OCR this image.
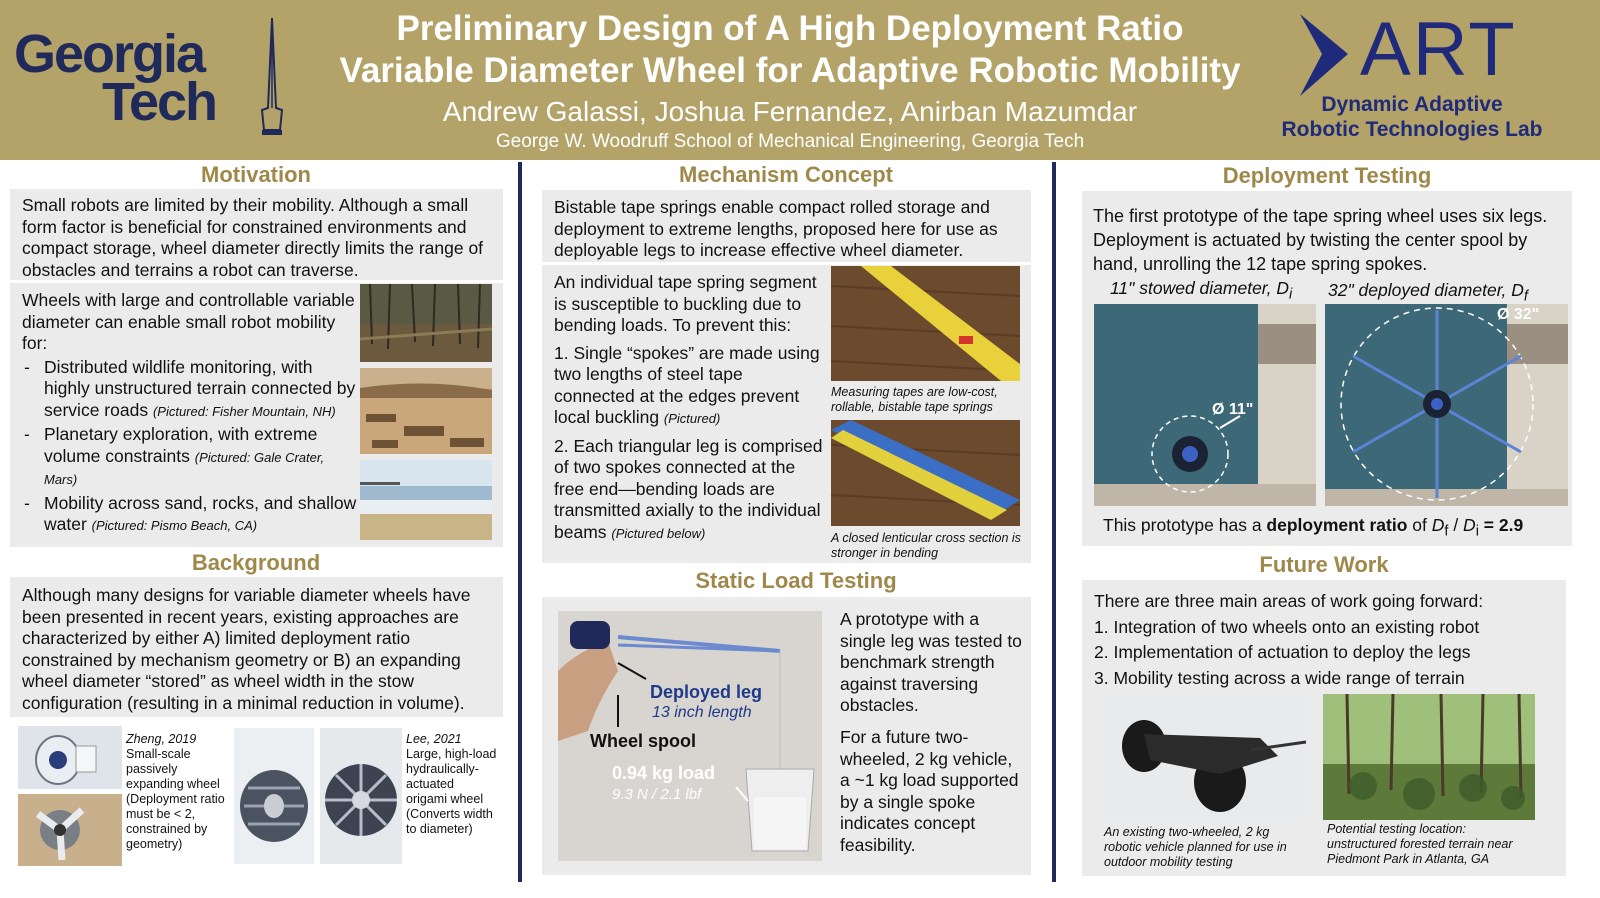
Georgia
Tech
Preliminary Design of A High Deployment Ratio
Variable Diameter Wheel for Adaptive Robotic Mobility
Andrew Galassi, Joshua Fernandez, Anirban Mazumdar
George W. Woodruff School of Mechanical Engineering, Georgia Tech
ART
Dynamic Adaptive
Robotic Technologies Lab
Motivation
Small robots are limited by their mobility. Although a small form factor is beneficial for constrained environments and compact storage, wheel diameter directly limits the range of obstacles and terrains a robot can traverse.
Wheels with large and controllable variable diameter can enable small robot mobility for:
- Distributed wildlife monitoring, with highly unstructured terrain connected by service roads (Pictured: Fisher Mountain, NH)
- Planetary exploration, with extreme volume constraints (Pictured: Gale Crater, Mars)
- Mobility across sand, rocks, and shallow water (Pictured: Pismo Beach, CA)
Background
Although many designs for variable diameter wheels have been presented in recent years, existing approaches are characterized by either A) limited deployment ratio constrained by mechanism geometry or B) an expanding wheel diameter “stored” as wheel width in the stow configuration (resulting in a minimal reduction in volume).
Zheng, 2019
Small-scale passively expanding wheel (Deployment ratio must be < 2, constrained by geometry)
Lee, 2021
Large, high-load hydraulically-actuated origami wheel (Converts width to diameter)
Mechanism Concept
Bistable tape springs enable compact rolled storage and deployment to extreme lengths, proposed here for use as deployable legs to increase effective wheel diameter.
An individual tape spring segment is susceptible to buckling due to bending loads. To prevent this:
1. Single “spokes” are made using two lengths of steel tape connected at the edges prevent local buckling (Pictured)
2. Each triangular leg is comprised of two spokes connected at the free end—bending loads are transmitted axially to the individual beams (Pictured below)
Measuring tapes are low-cost, rollable, bistable tape springs
A closed lenticular cross section is stronger in bending
Static Load Testing
Deployed leg
13 inch length
Wheel spool
0.94 kg load
9.3 N / 2.1 lbf
A prototype with a single leg was tested to benchmark strength against traversing obstacles.
For a future two-wheeled, 2 kg vehicle, a ~1 kg load supported by a single spoke indicates concept feasibility.
Deployment Testing
The first prototype of the tape spring wheel uses six legs. Deployment is actuated by twisting the center spool by hand, unrolling the 12 tape spring spokes.
11" stowed diameter, $D_i$	32" deployed diameter, $D_f$
Ø 11"
Ø 32"
This prototype has a deployment ratio of $D_f / D_i = 2.9$
Future Work
There are three main areas of work going forward:
1. Integration of two wheels onto an existing robot
2. Implementation of actuation to deploy the legs
3. Mobility testing across a wide range of terrain
An existing two-wheeled, 2 kg robotic vehicle planned for use in outdoor mobility testing
Potential testing location: unstructured forested terrain near Piedmont Park in Atlanta, GA
